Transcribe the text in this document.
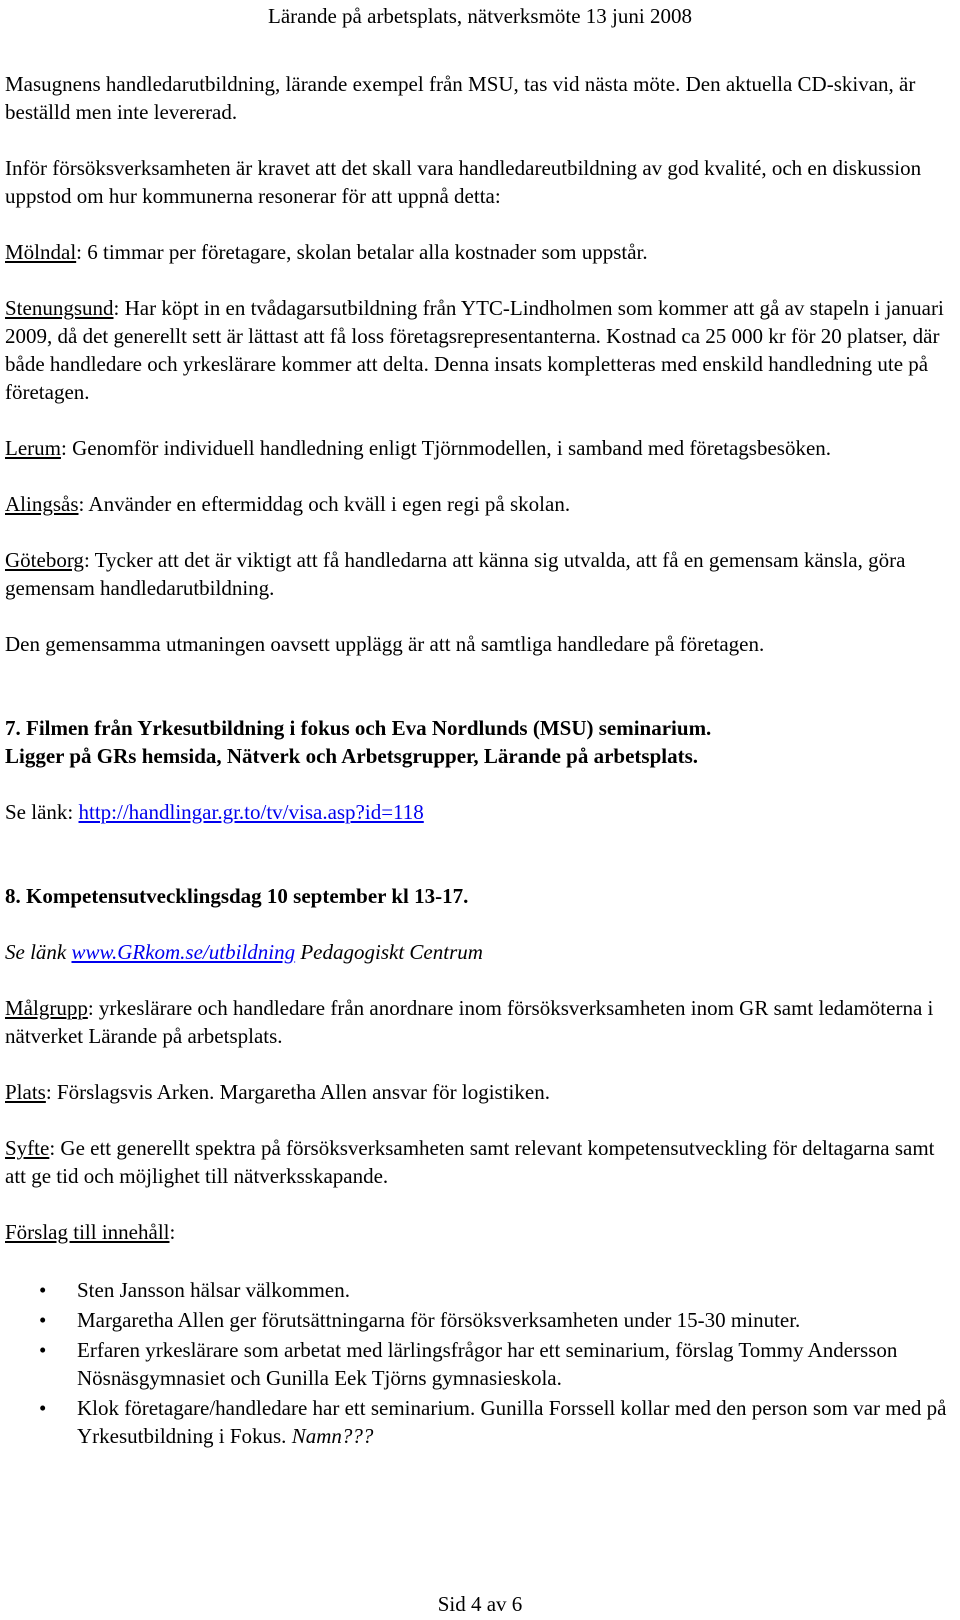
Lärande på arbetsplats, nätverksmöte 13 juni 2008

Masugnens handledarutbildning, lärande exempel från MSU, tas vid nästa möte. Den aktuella CD-skivan, är beställd men inte levererad.

Inför försöksverksamheten är kravet att det skall vara handledareutbildning av god kvalité, och en diskussion uppstod om hur kommunerna resonerar för att uppnå detta:

Mölndal: 6 timmar per företagare, skolan betalar alla kostnader som uppstår.

Stenungsund: Har köpt in en tvådagarsutbildning från YTC-Lindholmen som kommer att gå av stapeln i januari 2009, då det generellt sett är lättast att få loss företagsrepresentanterna. Kostnad ca 25 000 kr för 20 platser, där både handledare och yrkeslärare kommer att delta. Denna insats kompletteras med enskild handledning ute på företagen.

Lerum: Genomför individuell handledning enligt Tjörnmodellen, i samband med företagsbesöken.

Alingsås: Använder en eftermiddag och kväll i egen regi på skolan.

Göteborg: Tycker att det är viktigt att få handledarna att känna sig utvalda, att få en gemensam känsla, göra gemensam handledarutbildning.

Den gemensamma utmaningen oavsett upplägg är att nå samtliga handledare på företagen.

7. Filmen från Yrkesutbildning i fokus och Eva Nordlunds (MSU) seminarium.
Ligger på GRs hemsida, Nätverk och Arbetsgrupper, Lärande på arbetsplats.

Se länk: http://handlingar.gr.to/tv/visa.asp?id=118

8. Kompetensutvecklingsdag 10 september kl 13-17.

Se länk www.GRkom.se/utbildning Pedagogiskt Centrum

Målgrupp: yrkeslärare och handledare från anordnare inom försöksverksamheten inom GR samt ledamöterna i nätverket Lärande på arbetsplats.

Plats: Förslagsvis Arken. Margaretha Allen ansvar för logistiken.

Syfte: Ge ett generellt spektra på försöksverksamheten samt relevant kompetensutveckling för deltagarna samt att ge tid och möjlighet till nätverksskapande.

Förslag till innehåll:

• Sten Jansson hälsar välkommen.
• Margaretha Allen ger förutsättningarna för försöksverksamheten under 15-30 minuter.
• Erfaren yrkeslärare som arbetat med lärlingsfrågor har ett seminarium, förslag Tommy Andersson Nösnäsgymnasiet och Gunilla Eek Tjörns gymnasieskola.
• Klok företagare/handledare har ett seminarium. Gunilla Forssell kollar med den person som var med på Yrkesutbildning i Fokus. Namn???
Sid 4 av 6
